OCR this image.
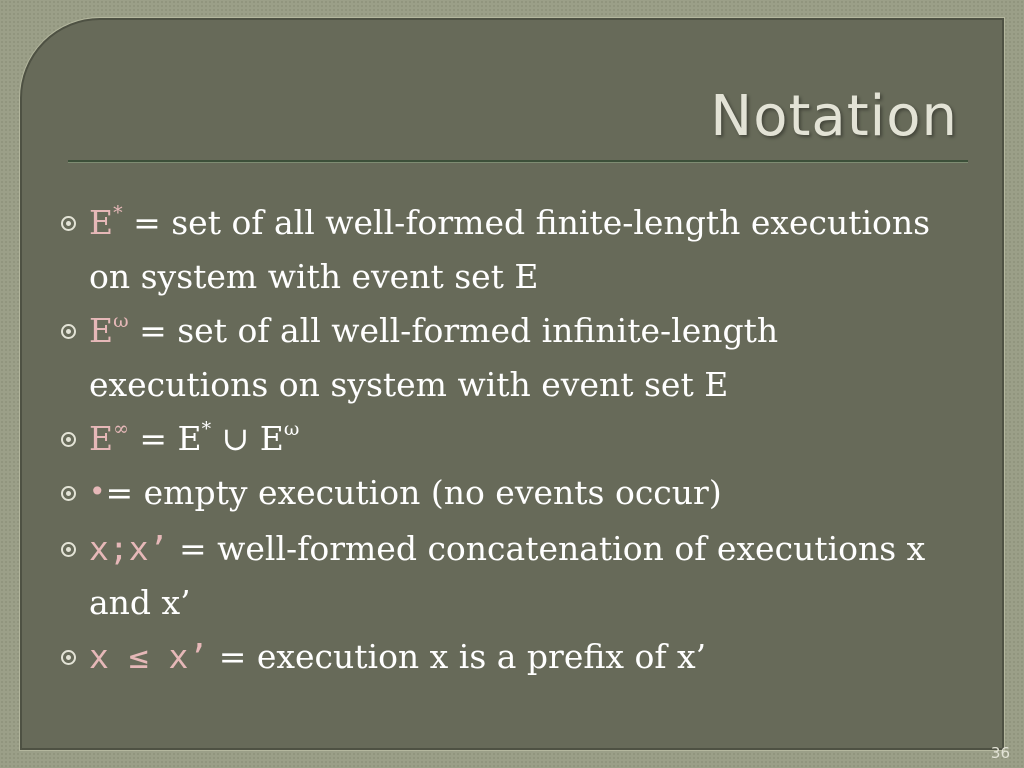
Notation
E* = set of all well-formed finite-length executions on system with event set E
$E^\omega$ = set of all well-formed infinite-length executions on system with event set E
E∞ = E* ∪ $E^\omega$
•= empty execution (no events occur)
x;x’ = well-formed concatenation of executions x and x’
x ≤ x’ = execution x is a prefix of x’
36
